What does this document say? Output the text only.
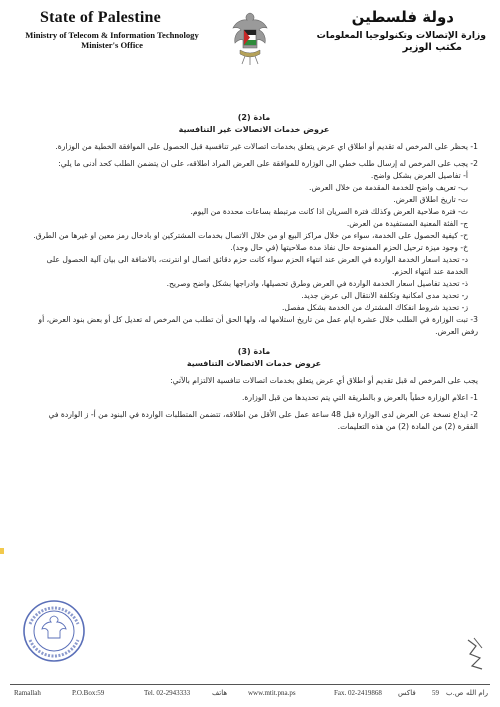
State of Palestine
Ministry of Telecom & Information Technology
Minister's Office
دولة فلسطين
وزارة الإتصالات وتكنولوجيا المعلومات
مكتب الوزير

مادة (2)

عروض خدمات الاتصالات غير التنافسية

1- يحظر على المرخص له تقديم أو اطلاق اي عرض يتعلق بخدمات اتصالات غير تنافسية قبل الحصول على الموافقة الخطية من الوزارة.

2- يجب على المرخص له إرسال طلب خطي الى الوزارة للموافقة على العرض المراد اطلاقه، على ان يتضمن الطلب كحد أدنى ما يلي:

أ- تفاصيل العرض بشكل واضح.

ب- تعريف واضح للخدمة المقدمة من خلال العرض.

ت- تاريخ اطلاق العرض.

ث- فترة صلاحية العرض وكذلك فترة السريان اذا كانت مرتبطة بساعات محددة من اليوم.

ج- الفئة المعنية المستفيدة من العرض.

ح- كيفية الحصول على الخدمة، سواء من خلال مراكز البيع او من خلال الاتصال بخدمات المشتركين او بادخال رمز معين او غيرها من الطرق.

خ- وجود ميزة ترحيل الحزم الممنوحة حال نفاذ مدة صلاحيتها (في حال وجد).

د- تحديد اسعار الخدمة الواردة في العرض عند انتهاء الحزم سواء كانت حزم دقائق اتصال او انترنت، بالاضافة الى بيان آلية الحصول على الخدمة عند انتهاء الحزم.

ذ- تحديد تفاصيل اسعار الخدمة الواردة في العرض وطرق تحصيلها، وادراجها بشكل واضح وصريح.

ر- تحديد مدى امكانية وتكلفة الانتقال الى عرض جديد.

ز- تحديد شروط انفكاك المشترك من الخدمة بشكل مفصل.

3- تبت الوزارة في الطلب خلال عشرة ايام عمل من تاريخ استلامها له، ولها الحق أن تطلب من المرخص له تعديل كل أو بعض بنود العرض، أو رفض العرض.

مادة (3)

عروض خدمات الاتصالات التنافسية

يجب على المرخص له قبل تقديم أو اطلاق أي عرض يتعلق بخدمات اتصالات تنافسية الالتزام بالآتي:

1- اعلام الوزارة خطياً بالعرض و بالطريقة التي يتم تحديدها من قبل الوزارة.

2- ايداع نسخة عن العرض لدى الوزارة قبل 48 ساعة عمل على الأقل من اطلاقه، تتضمن المتطلبات الواردة في البنود من أ- ز الواردة في الفقرة (2) من المادة (2) من هذه التعليمات.

Ramallah	P.O.Box:59	Tel. 02-2943333	هاتف	www.mtit.pna.ps	Fax. 02-2419868 فاكس 59 ص.ب رام الله
